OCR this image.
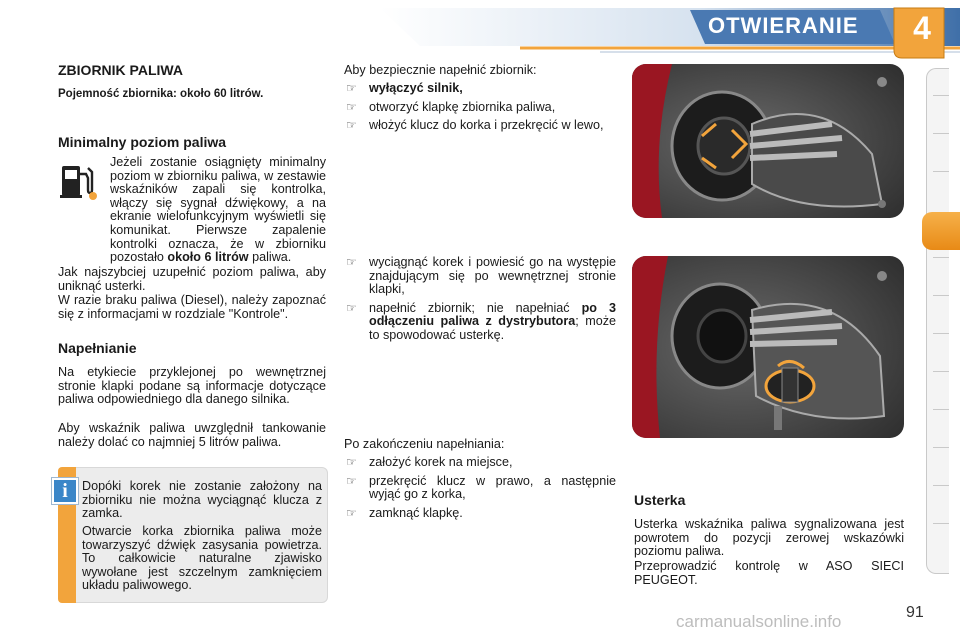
OTWIERANIE	4
ZBIORNIK PALIWA
Pojemność zbiornika: około 60 litrów.
Minimalny poziom paliwa

Jeżeli zostanie osiągnięty minimalny poziom w zbiorniku paliwa, w zestawie wskaźników zapali się kontrolka, włączy się sygnał dźwiękowy, a na ekranie wielofunkcyjnym wyświetli się komunikat. Pierwsze zapalenie kontrolki oznacza, że w zbiorniku pozostało około 6 litrów paliwa.

Jak najszybciej uzupełnić poziom paliwa, aby uniknąć usterki.

W razie braku paliwa (Diesel), należy zapoznać się z informacjami w rozdziale "Kontrole".

Napełnianie

Na etykiecie przyklejonej po wewnętrznej stronie klapki podane są informacje dotyczące paliwa odpowiedniego dla danego silnika.

Aby wskaźnik paliwa uwzględnił tankowanie należy dolać co najmniej 5 litrów paliwa.

Dopóki korek nie zostanie założony na zbiorniku nie można wyciągnąć klucza z zamka.

Otwarcie korka zbiornika paliwa może towarzyszyć dźwięk zasysania powietrza. To całkowicie naturalne zjawisko wywołane jest szczelnym zamknięciem układu paliwowego.

i
Aby bezpiecznie napełnić zbiornik:
☞ wyłączyć silnik,
☞ otworzyć klapkę zbiornika paliwa,
☞ włożyć klucz do korka i przekręcić w lewo,
☞ wyciągnąć korek i powiesić go na występie znajdującym się po wewnętrznej stronie klapki,
☞ napełnić zbiornik; nie napełniać po 3 odłączeniu paliwa z dystrybutora; może to spowodować usterkę.
Po zakończeniu napełniania:
☞ założyć korek na miejsce,
☞ przekręcić klucz w prawo, a następnie wyjąć go z korka,
☞ zamknąć klapkę.
Usterka

Usterka wskaźnika paliwa sygnalizowana jest powrotem do pozycji zerowej wskazówki poziomu paliwa.

Przeprowadzić kontrolę w ASO SIECI PEUGEOT.

carmanualsonline.info	91
